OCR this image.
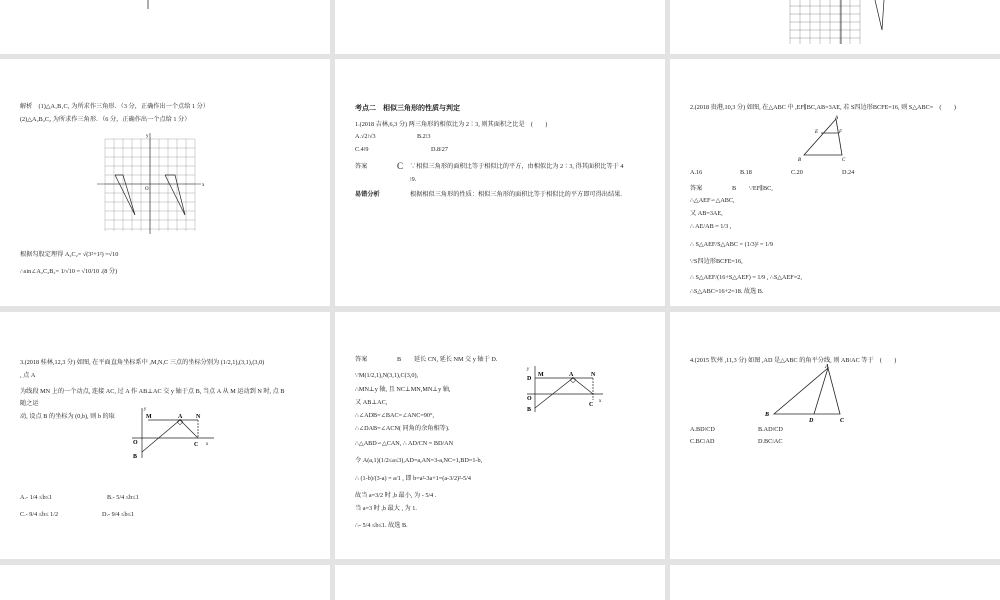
解析　(1)△A₁B₁C₁ 为所求作三角形．（3 分，正确作出一个点给 1 分）
(2)△A₂B₂C₂ 为所求作三角形．（6 分，正确作出一个点给 1 分）
x
y
O
根据勾股定理得 A₂C₂= √(3²+1²) =√10
∴sin∠A₂C₂B₂= 1/√10 = √10/10 .(8 分)
考点二　相似三角形的性质与判定
1.(2018 吉林,6,3 分) 两三角形的相似比为 2∶3, 则其面积之比是　(　　)
A.√2∶√3	B.2∶3
C.4∶9	D.8∶27
答案	C ∵相似三角形的面积比等于相似比的平方，由相似比为 2∶3, 得其面积比等于 4
∶9.
易错分析	根据相似三角形的性质：相似三角形的面积比等于相似比的平方即可得出结果.
2.(2018 贵港,10,3 分) 如图, 在△ABC 中 ,EF∥BC,AB=3AE, 若 S四边形BCFE=16, 则 S△ABC=　(　　)
A
E	F
B	C
A.16	B.18	C.20	D.24
答案	B ∵EF∥BC,
∴△AEF∽△ABC,
又 AB=3AE,
∴ AE/AB = 1/3 ,
∴ S△AEF/S△ABC = (1/3)² = 1/9
∵S四边形BCFE=16,
∴ S△AEF/(16+S△AEF) = 1/9 , ∴S△AEF=2,
∴S△ABC=16+2=18. 故选 B.
3.(2018 桂林,12,3 分) 如图, 在平面直角坐标系中 ,M,N,C 三点的坐标分别为 (1/2,1),(3,1),(3,0)
, 点 A
为线段 MN 上的一个动点, 连接 AC, 过 A 作 AB⊥AC 交 y 轴于点 B, 当点 A 从 M 运动到 N 时, 点 B
随之运
动, 设点 B 的坐标为 (0,b), 则 b 的取
y
M	A N
O	C x
B
A.- 1/4 ≤b≤1	B.- 5/4 ≤b≤1
C.- 9/4 ≤b≤ 1/2	D.- 9/4 ≤b≤1
答案	B 延长 CN, 延长 NM 交 y 轴于 D.
∵M(1/2,1),N(3,1),C(3,0),
∴MN⊥y 轴, 且 NC⊥MN,MN⊥y 轴,
又 AB⊥AC,
∴∠ADB=∠BAC=∠ANC=90°,
∴∠DAB=∠ACN( 同角的余角相等).
∴△ABD∽△CAN, ∴ AD/CN = BD/AN
令 A(a,1)(1/2≤a≤3),AD=a,AN=3-a,NC=1,BD=1-b,
∴ (1-b)/(3-a) = a/1 , 即 b=a²-3a+1=(a-3/2)²-5/4
故当 a=3/2 时 ,b 最小, 为 - 5/4 .
当 a=3 时 ,b 最大 , 为 1.
∴- 5/4 ≤b≤1. 故选 B.
y
M	A	N
D
O
B
C
x
4.(2015 钦州 ,11,3 分) 如图 ,AD 是△ABC 的角平分线, 则 AB∶AC 等于　(　　)
A
B
D	C
A.BD∶CD	B.AD∶CD
C.BC∶AD	D.BC∶AC
